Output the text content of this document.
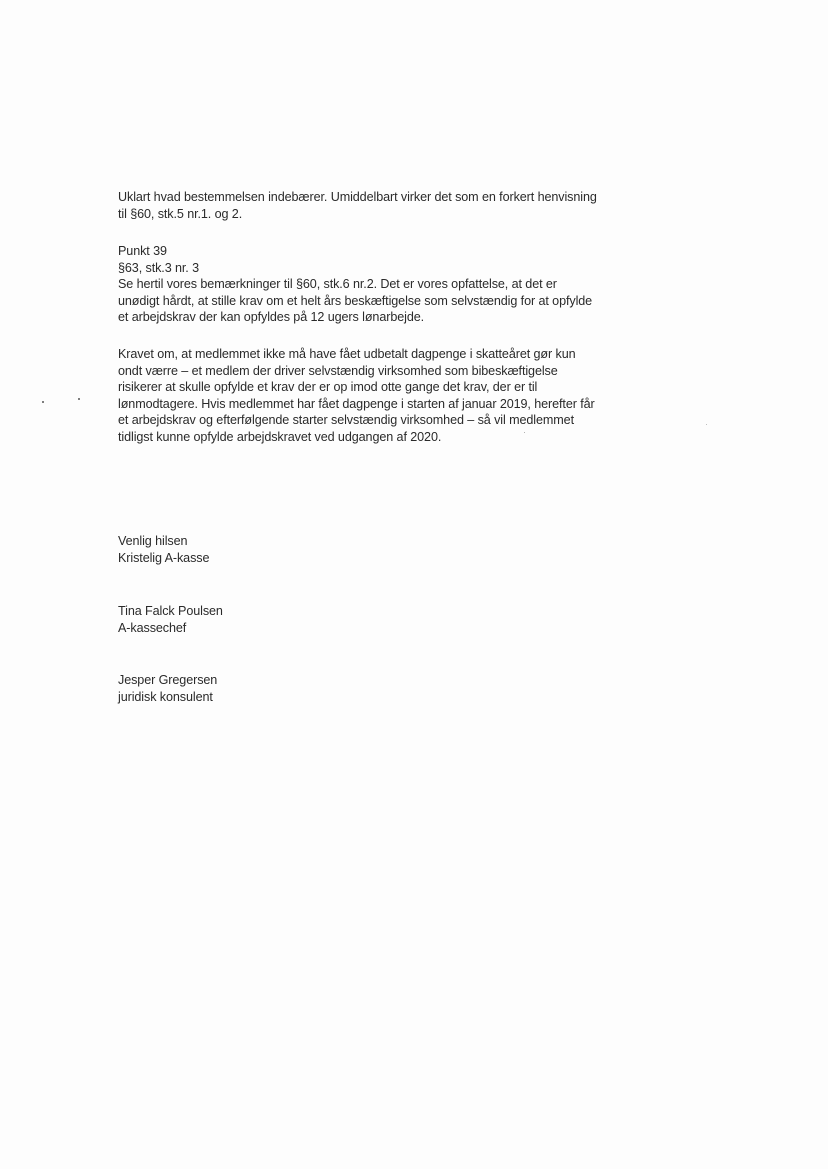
Uklart hvad bestemmelsen indebærer. Umiddelbart virker det som en forkert henvisning

til §60, stk.5 nr.1. og 2.

Punkt 39

§63, stk.3 nr. 3

Se hertil vores bemærkninger til §60, stk.6 nr.2. Det er vores opfattelse, at det er

unødigt hårdt, at stille krav om et helt års beskæftigelse som selvstændig for at opfylde

et arbejdskrav der kan opfyldes på 12 ugers lønarbejde.

Kravet om, at medlemmet ikke må have fået udbetalt dagpenge i skatteåret gør kun

ondt værre – et medlem der driver selvstændig virksomhed som bibeskæftigelse

risikerer at skulle opfylde et krav der er op imod otte gange det krav, der er til

lønmodtagere. Hvis medlemmet har fået dagpenge i starten af januar 2019, herefter får

et arbejdskrav og efterfølgende starter selvstændig virksomhed – så vil medlemmet

tidligst kunne opfylde arbejdskravet ved udgangen af 2020.

Venlig hilsen

Kristelig A-kasse

Tina Falck Poulsen

A-kassechef

Jesper Gregersen

juridisk konsulent
